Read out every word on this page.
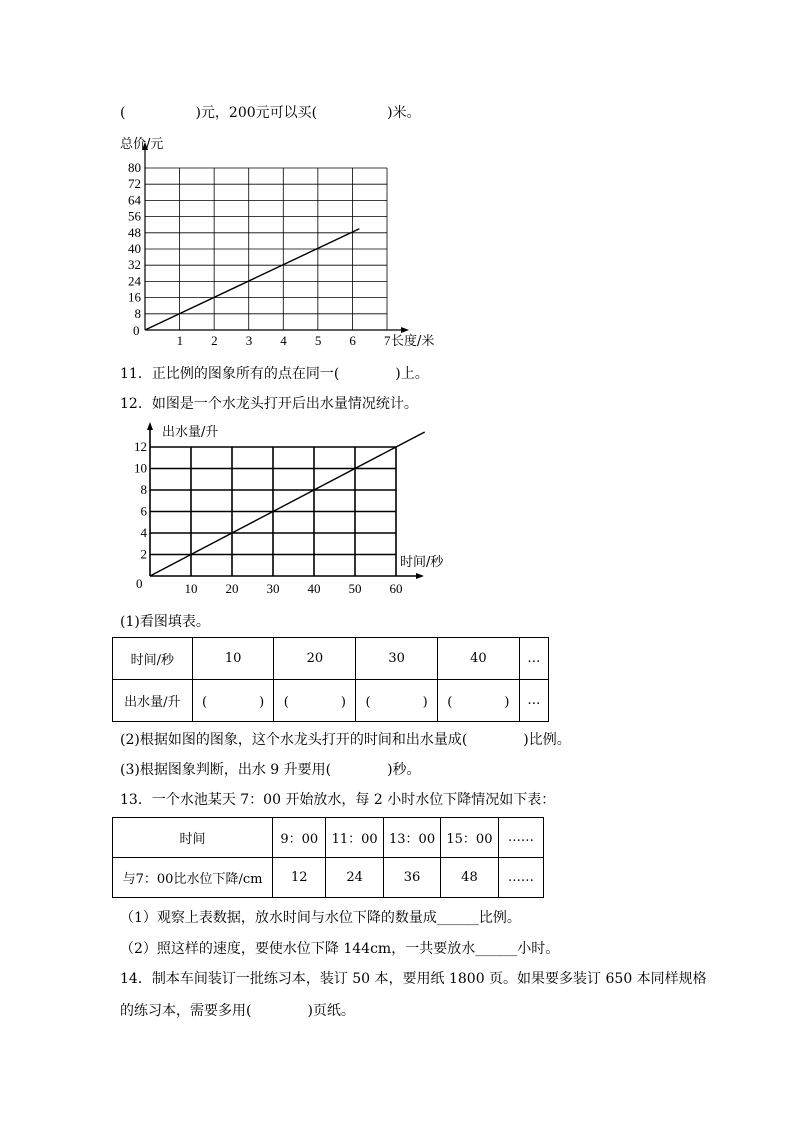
(　　　　　)元，200元可以买(　　　　　)米。
总价/元
长度/米
0
1 2 3 4 5 6 7
8
16
24
32
40
48
56
64
72
80
11．正比例的图象所有的点在同一(　　　　)上。
12．如图是一个水龙头打开后出水量情况统计。
出水量/升
时间/秒
0	10 20 30 40 50 60
2
4
6
8
10
12
(1)看图填表。
时间/秒	10	20	30	40	…
出水量/升	(　　　　)	(　　　　)	(　　　　)	(　　　　)	…
(2)根据如图的图象，这个水龙头打开的时间和出水量成(　　　　)比例。
(3)根据图象判断，出水 9 升要用(　　　　)秒。
13．一个水池某天 7：00 开始放水，每 2 小时水位下降情况如下表：
时间	9：00	11：00	13：00	15：00	……
与7：00比水位下降/cm	12	24	36	48	……
（1）观察上表数据，放水时间与水位下降的数量成______比例。
（2）照这样的速度，要使水位下降 144cm，一共要放水______小时。
14．制本车间装订一批练习本，装订 50 本，要用纸 1800 页。如果要多装订 650 本同样规格
的练习本，需要多用(　　　　)页纸。
